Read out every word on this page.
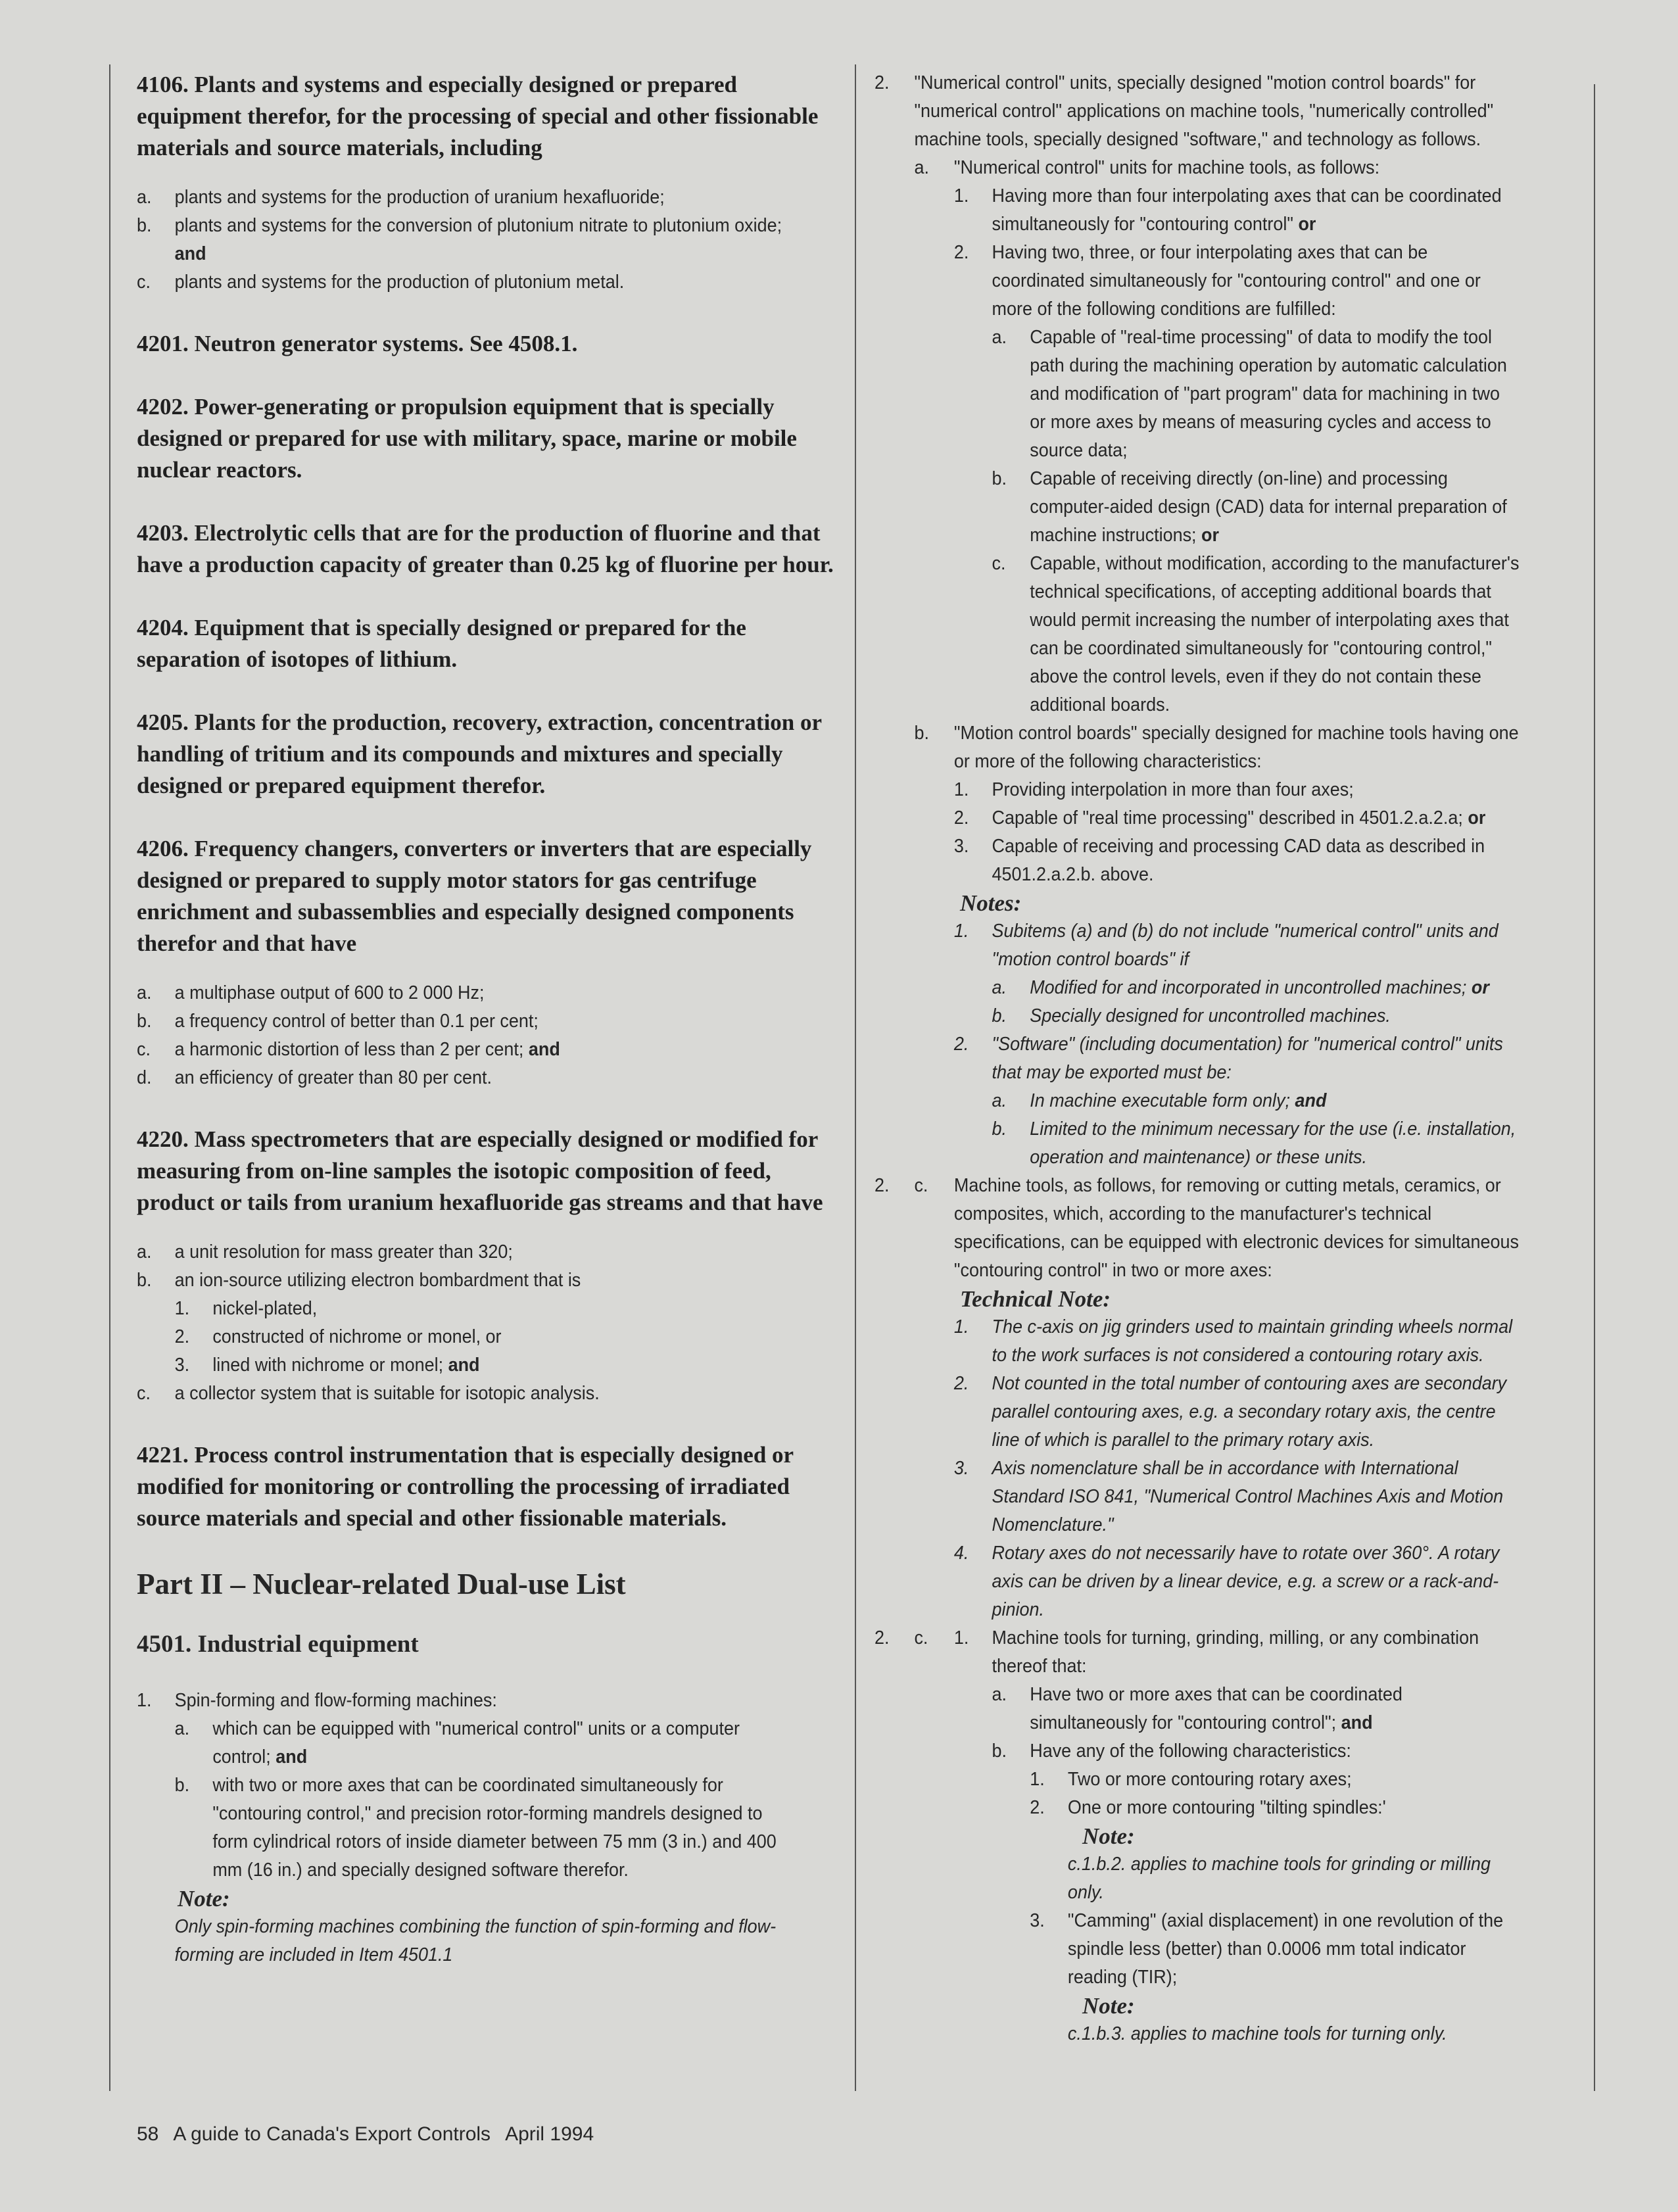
4106. Plants and systems and especially designed or prepared equipment therefor, for the processing of special and other fissionable materials and source materials, including
a. plants and systems for the production of uranium hexafluoride;
b. plants and systems for the conversion of plutonium nitrate to plutonium oxide; and
c. plants and systems for the production of plutonium metal.
4201. Neutron generator systems. See 4508.1.
4202. Power-generating or propulsion equipment that is specially designed or prepared for use with military, space, marine or mobile nuclear reactors.
4203. Electrolytic cells that are for the production of fluorine and that have a production capacity of greater than 0.25 kg of fluorine per hour.
4204. Equipment that is specially designed or prepared for the separation of isotopes of lithium.
4205. Plants for the production, recovery, extraction, concentration or handling of tritium and its compounds and mixtures and specially designed or prepared equipment therefor.
4206. Frequency changers, converters or inverters that are especially designed or prepared to supply motor stators for gas centrifuge enrichment and subassemblies and especially designed components therefor and that have
a. a multiphase output of 600 to 2 000 Hz;
b. a frequency control of better than 0.1 per cent;
c. a harmonic distortion of less than 2 per cent; and
d. an efficiency of greater than 80 per cent.
4220. Mass spectrometers that are especially designed or modified for measuring from on-line samples the isotopic composition of feed, product or tails from uranium hexafluoride gas streams and that have
a.	a unit resolution for mass greater than 320;
b.	an ion-source utilizing electron bombardment that is
1.	nickel-plated,
2.	constructed of nichrome or monel, or
3.	lined with nichrome or monel; and
c.	a collector system that is suitable for isotopic analysis.
4221. Process control instrumentation that is especially designed or modified for monitoring or controlling the processing of irradiated source materials and special and other fissionable materials.
Part II – Nuclear-related Dual-use List
4501. Industrial equipment
1.	Spin-forming and flow-forming machines:
a.	which can be equipped with "numerical control" units or a computer control; and
b.	with two or more axes that can be coordinated simultaneously for "contouring control," and precision rotor-forming mandrels designed to form cylindrical rotors of inside diameter between 75 mm (3 in.) and 400 mm (16 in.) and specially designed software therefor.
Note:
Only spin-forming machines combining the function of spin-forming and flow-forming are included in Item 4501.1
2.	"Numerical control" units, specially designed "motion control boards" for "numerical control" applications on machine tools, "numerically controlled" machine tools, specially designed "software," and technology as follows.
a.	"Numerical control" units for machine tools, as follows:
1.	Having more than four interpolating axes that can be coordinated simultaneously for "contouring control" or
2.	Having two, three, or four interpolating axes that can be coordinated simultaneously for "contouring control" and one or more of the following conditions are fulfilled:
a.	Capable of "real-time processing" of data to modify the tool path during the machining operation by automatic calculation and modification of "part program" data for machining in two or more axes by means of measuring cycles and access to source data;
b.	Capable of receiving directly (on-line) and processing computer-aided design (CAD) data for internal preparation of machine instructions; or
c.	Capable, without modification, according to the manufacturer's technical specifications, of accepting additional boards that would permit increasing the number of interpolating axes that can be coordinated simultaneously for "contouring control," above the control levels, even if they do not contain these additional boards.
b.	"Motion control boards" specially designed for machine tools having one or more of the following characteristics:
1.	Providing interpolation in more than four axes;
2.	Capable of "real time processing" described in 4501.2.a.2.a; or
3.	Capable of receiving and processing CAD data as described in 4501.2.a.2.b. above.
Notes:
1.	Subitems (a) and (b) do not include "numerical control" units and "motion control boards" if
a.	Modified for and incorporated in uncontrolled machines; or
b.	Specially designed for uncontrolled machines.
2.	"Software" (including documentation) for "numerical control" units that may be exported must be:
a.	In machine executable form only; and
b.	Limited to the minimum necessary for the use (i.e. installation, operation and maintenance) or these units.
2.	c.	Machine tools, as follows, for removing or cutting metals, ceramics, or composites, which, according to the manufacturer's technical specifications, can be equipped with electronic devices for simultaneous "contouring control" in two or more axes:
Technical Note:
1.	The c-axis on jig grinders used to maintain grinding wheels normal to the work surfaces is not considered a contouring rotary axis.
2.	Not counted in the total number of contouring axes are secondary parallel contouring axes, e.g. a secondary rotary axis, the centre line of which is parallel to the primary rotary axis.
3.	Axis nomenclature shall be in accordance with International Standard ISO 841, "Numerical Control Machines Axis and Motion Nomenclature."
4.	Rotary axes do not necessarily have to rotate over 360°. A rotary axis can be driven by a linear device, e.g. a screw or a rack-and-pinion.
2.	c.	1.	Machine tools for turning, grinding, milling, or any combination thereof that:
a.	Have two or more axes that can be coordinated simultaneously for "contouring control"; and
b.	Have any of the following characteristics:
1.	Two or more contouring rotary axes;
2.	One or more contouring "tilting spindles:'
Note:
c.1.b.2. applies to machine tools for grinding or milling only.
3.	"Camming" (axial displacement) in one revolution of the spindle less (better) than 0.0006 mm total indicator reading (TIR);
Note:
c.1.b.3. applies to machine tools for turning only.
58 A guide to Canada's Export Controls April 1994
